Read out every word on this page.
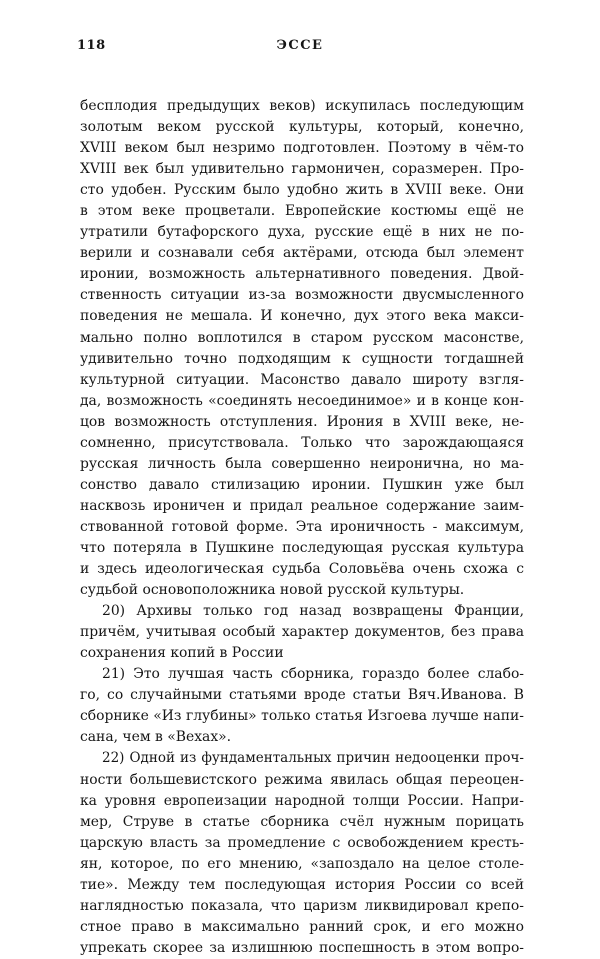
118	ЭССЕ
бесплодия предыдущих веков) искупилась последующим
золотым веком русской культуры, который, конечно,
XVIII веком был незримо подготовлен. Поэтому в чём-то
XVIII век был удивительно гармоничен, соразмерен. Про-
сто удобен. Русским было удобно жить в XVIII веке. Они
в этом веке процветали. Европейские костюмы ещё не
утратили бутафорского духа, русские ещё в них не по-
верили и сознавали себя актёрами, отсюда был элемент
иронии, возможность альтернативного поведения. Двой-
ственность ситуации из-за возможности двусмысленного
поведения не мешала. И конечно, дух этого века макси-
мально полно воплотился в старом русском масонстве,
удивительно точно подходящим к сущности тогдашней
культурной ситуации. Масонство давало широту взгля-
да, возможность «соединять несоединимое» и в конце кон-
цов возможность отступления. Ирония в XVIII веке, не-
сомненно, присутствовала. Только что зарождающаяся
русская личность была совершенно неиронична, но ма-
сонство давало стилизацию иронии. Пушкин уже был
насквозь ироничен и придал реальное содержание заим-
ствованной готовой форме. Эта ироничность - максимум,
что потеряла в Пушкине последующая русская культура
и здесь идеологическая судьба Соловьёва очень схожа с
судьбой основоположника новой русской культуры.
20) Архивы только год назад возвращены Франции,
причём, учитывая особый характер документов, без права
сохранения копий в России
21) Это лучшая часть сборника, гораздо более слабо-
го, со случайными статьями вроде статьи Вяч.Иванова. В
сборнике «Из глубины» только статья Изгоева лучше напи-
сана, чем в «Вехах».
22) Одной из фундаментальных причин недооценки проч-
ности большевистского режима явилась общая переоцен-
ка уровня европеизации народной толщи России. Напри-
мер, Струве в статье сборника счёл нужным порицать
царскую власть за промедление с освобождением кресть-
ян, которое, по его мнению, «запоздало на целое столе-
тие». Между тем последующая история России со всей
наглядностью показала, что царизм ликвидировал крепо-
стное право в максимально ранний срок, и его можно
упрекать скорее за излишнюю поспешность в этом вопро-
